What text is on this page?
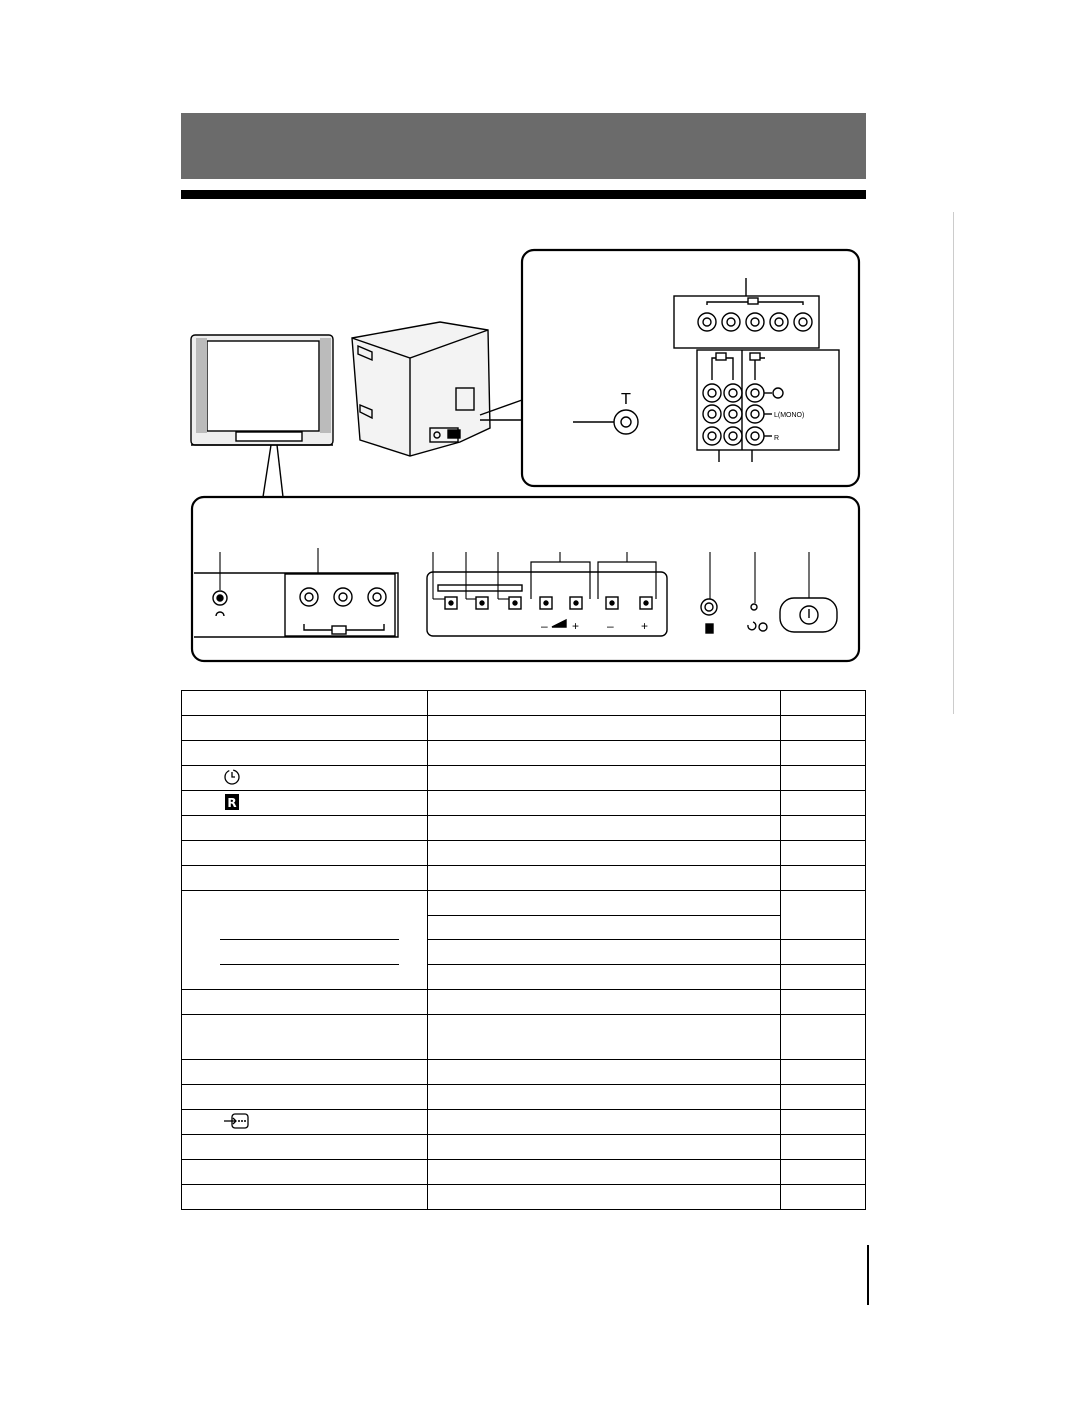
T
L(MONO)
R
– + – +

R		
